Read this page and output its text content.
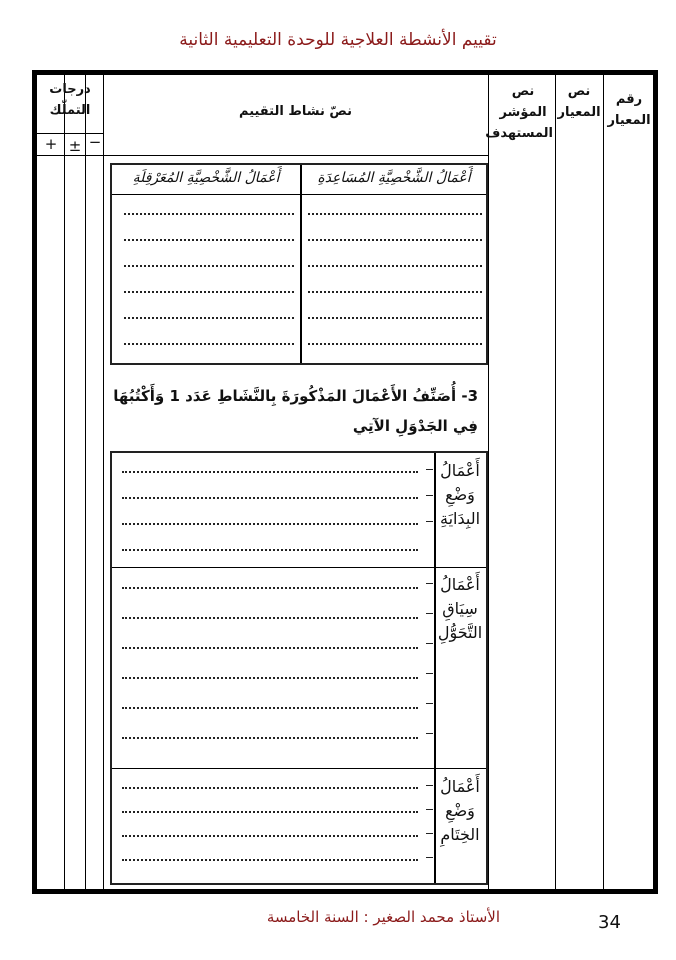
تقييم الأنشطة العلاجية للوحدة التعليمية الثانية
رقم المعيار
نص المعيار
نص المؤشر المستهدف
نصّ نشاط التقييم
درجات التملّك
+ ± −
أَعْمَالُ الشَّخْصِيَّةِ المُسَاعِدَةِ
أَعْمَالُ الشَّخْصِيَّةِ المُعَرْقِلَةِ
3- أُصَنِّفُ الأَعْمَالَ المَذْكُورَةَ بِالنَّشَاطِ عَدَد 1 وَأَكْتُبُهَا فِي الجَدْوَلِ الآتِي
أَعْمَالُ وَضْعِ البِدَايَةِ
أَعْمَالُ سِيَاقِ التَّحَوُّلِ
أَعْمَالُ وَضْعِ الخِتَامِ
الأستاذ محمد الصغير : السنة الخامسة	34
